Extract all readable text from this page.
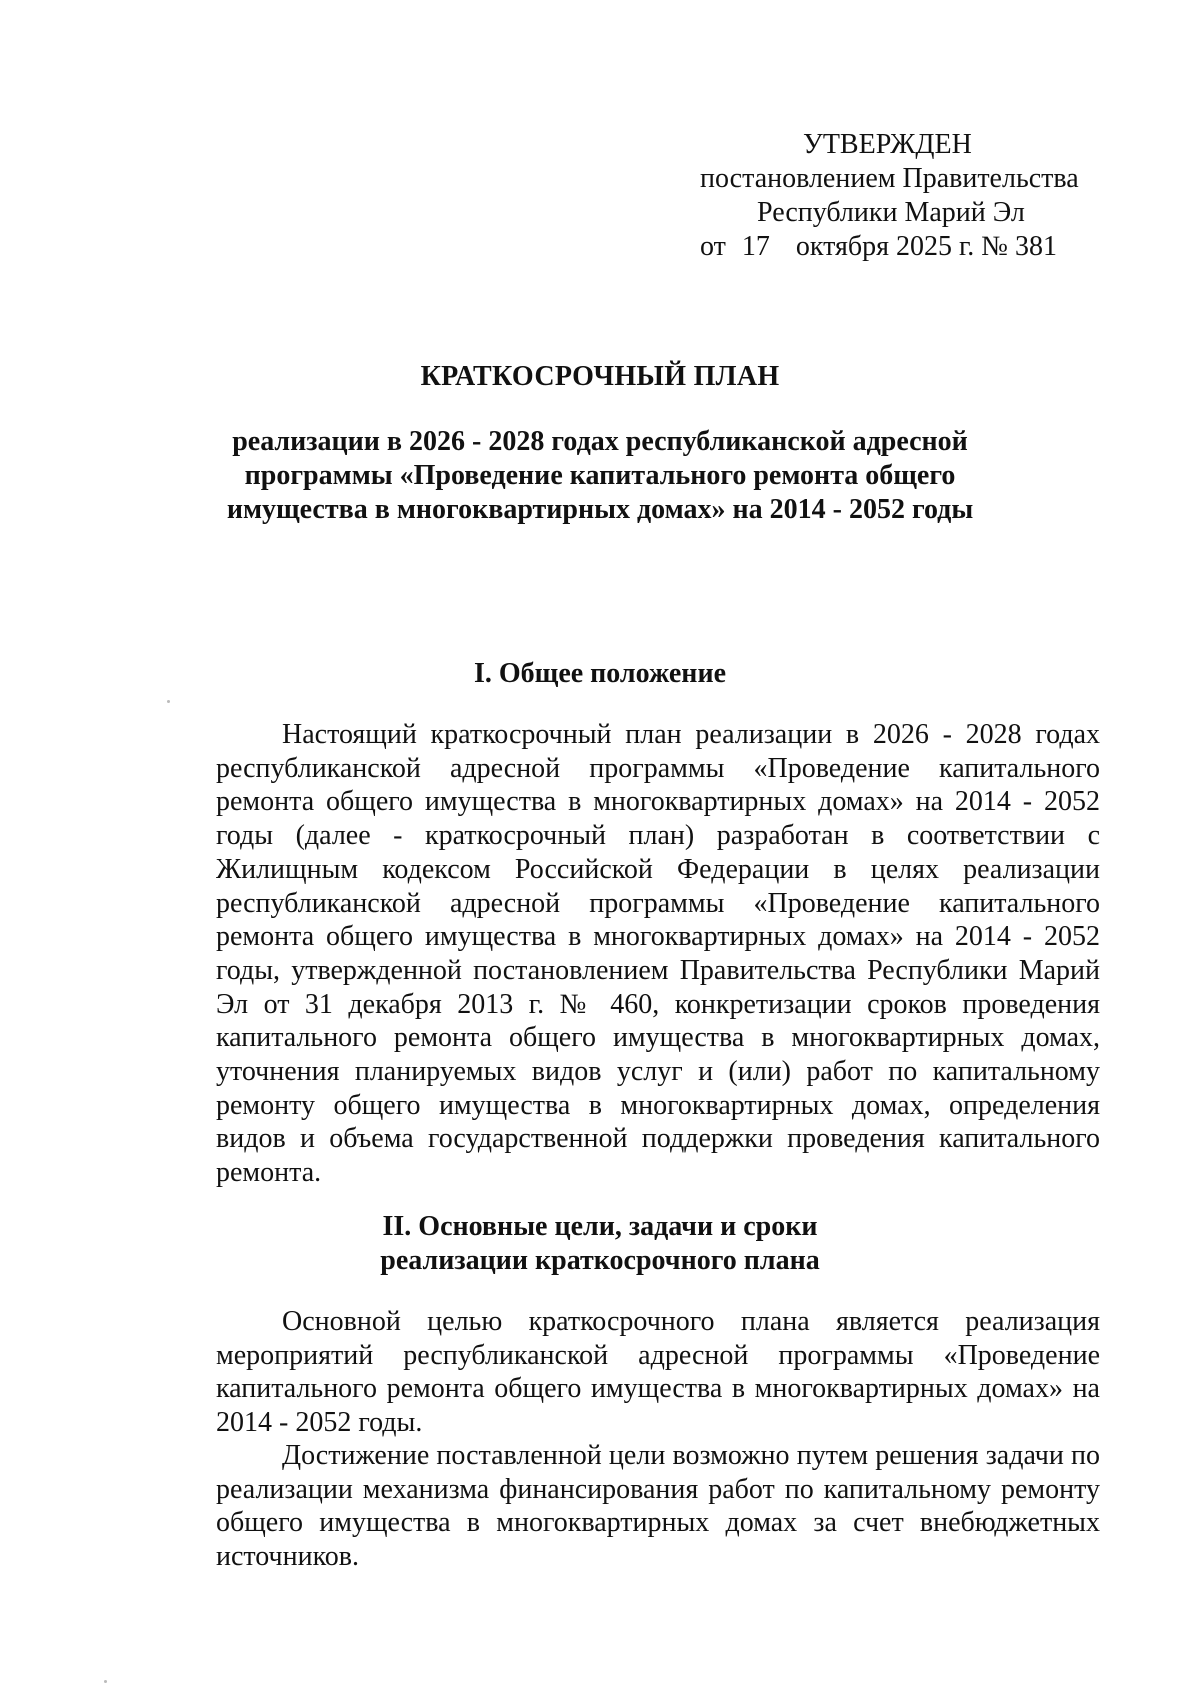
УТВЕРЖДЕН
постановлением Правительства
Республики Марий Эл
от 17 октября 2025 г. № 381
КРАТКОСРОЧНЫЙ ПЛАН
реализации в 2026 - 2028 годах республиканской адресной программы «Проведение капитального ремонта общего имущества в многоквартирных домах» на 2014 - 2052 годы
I. Общее положение

Настоящий краткосрочный план реализации в 2026 - 2028 годах республиканской адресной программы «Проведение капитального ремонта общего имущества в многоквартирных домах» на 2014 - 2052 годы (далее - краткосрочный план) разработан в соответствии с Жилищным кодексом Российской Федерации в целях реализации республиканской адресной программы «Проведение капитального ремонта общего имущества в многоквартирных домах» на 2014 - 2052 годы, утвержденной постановлением Правительства Республики Марий Эл от 31 декабря 2013 г. № 460, конкретизации сроков проведения капитального ремонта общего имущества в многоквартирных домах, уточнения планируемых видов услуг и (или) работ по капитальному ремонту общего имущества в многоквартирных домах, определения видов и объема государственной поддержки проведения капитального ремонта.

II. Основные цели, задачи и сроки реализации краткосрочного плана

Основной целью краткосрочного плана является реализация мероприятий республиканской адресной программы «Проведение капитального ремонта общего имущества в многоквартирных домах» на 2014 - 2052 годы.

Достижение поставленной цели возможно путем решения задачи по реализации механизма финансирования работ по капитальному ремонту общего имущества в многоквартирных домах за счет внебюджетных источников.
